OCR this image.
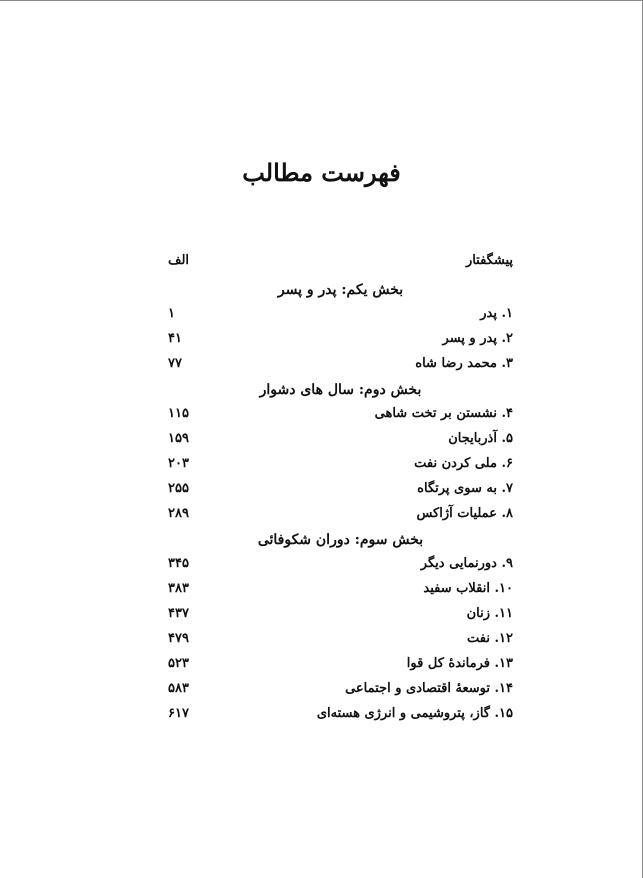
فهرست مطالب
پیشگفتار
الف
بخش یکم: پدر و پسر
۱. پدر
۱
۲. پدر و پسر
۴۱
۳. محمد رضا شاه
۷۷
بخش دوم: سال های دشوار
۴. نشستن بر تخت شاهی
۱۱۵
۵. آذربایجان
۱۵۹
۶. ملی کردن نفت
۲۰۳
۷. به سوی پرتگاه
۲۵۵
۸. عملیات آژاکس
۲۸۹
بخش سوم: دوران شکوفائی
۹. دورنمایی دیگر
۳۴۵
۱۰. انقلاب سفید
۳۸۳
۱۱. زنان
۴۳۷
۱۲. نفت
۴۷۹
۱۳. فرماندهٔ کل قوا
۵۲۳
۱۴. توسعهٔ اقتصادی و اجتماعی
۵۸۳
۱۵. گاز، پتروشیمی و انرژی هسته‌ای
۶۱۷
